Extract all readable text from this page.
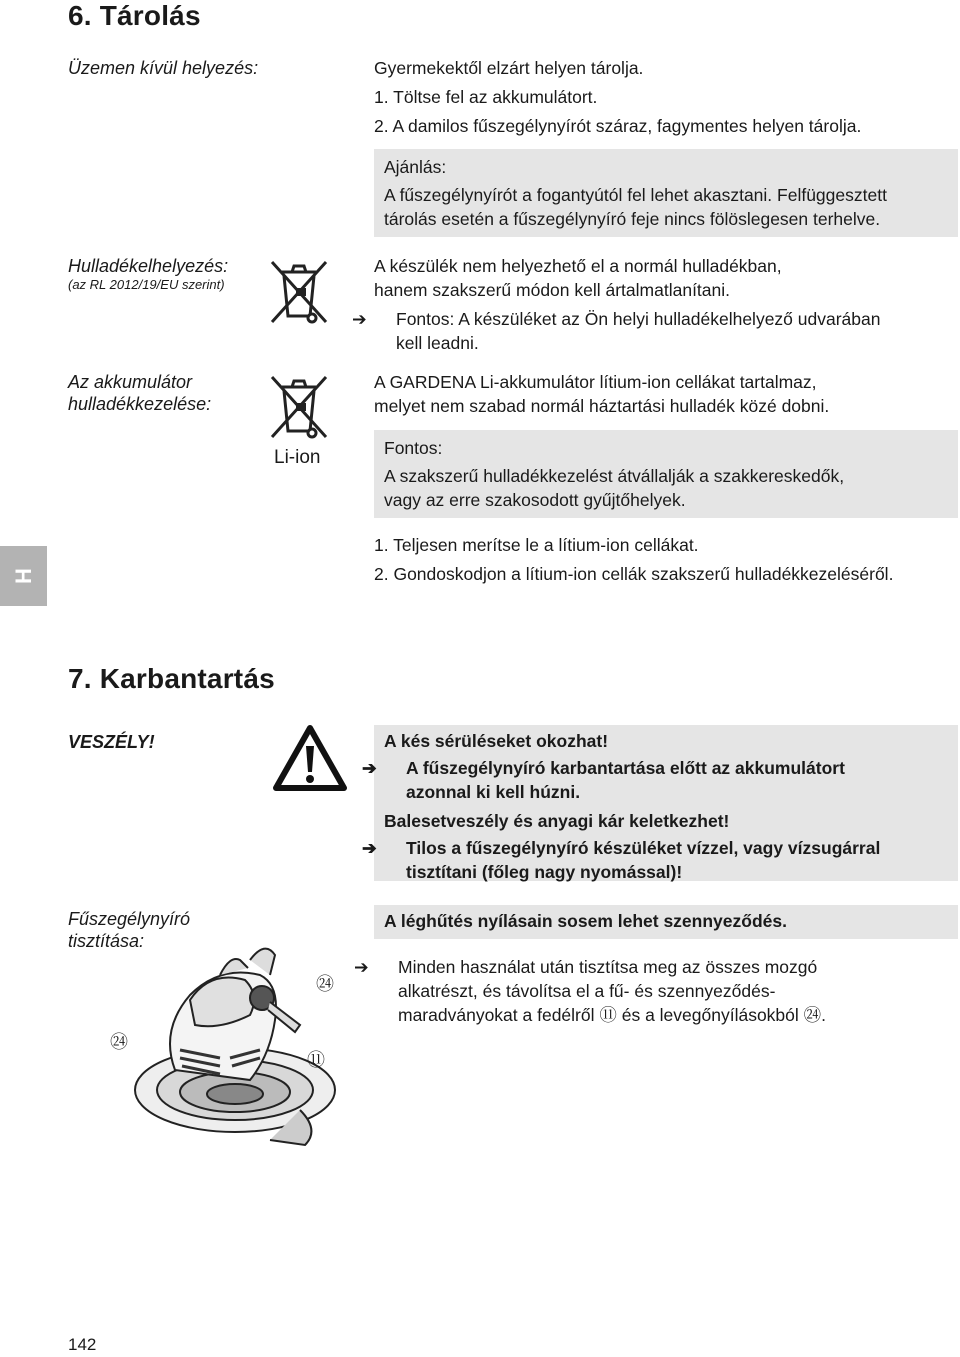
H
6. Tárolás
Üzemen kívül helyezés:	Gyermekektől elzárt helyen tárolja.
1. Töltse fel az akkumulátort.
2. A damilos fűszegélynyírót száraz, fagymentes helyen tárolja.
Ajánlás:
A fűszegélynyírót a fogantyútól fel lehet akasztani. Felfüggesztett
tárolás esetén a fűszegélynyíró feje nincs fölöslegesen terhelve.
Hulladékelhelyezés:
(az RL 2012/19/EU szerint)
A készülék nem helyezhető el a normál hulladékban,
hanem szakszerű módon kell ártalmatlanítani.
➔ Fontos: A készüléket az Ön helyi hulladékelhelyező udvarában
kell leadni.
Az akkumulátor
hulladékkezelése:
Li-ion
A GARDENA Li-akkumulátor lítium-ion cellákat tartalmaz,
melyet nem szabad normál háztartási hulladék közé dobni.
Fontos:
A szakszerű hulladékkezelést átvállalják a szakkereskedők,
vagy az erre szakosodott gyűjtőhelyek.
1. Teljesen merítse le a lítium-ion cellákat.
2. Gondoskodjon a lítium-ion cellák szakszerű hulladékkezeléséről.
7. Karbantartás
VESZÉLY!	A kés sérüléseket okozhat!
➔ A fűszegélynyíró karbantartása előtt az akkumulátort
azonnal ki kell húzni.
Balesetveszély és anyagi kár keletkezhet!
➔ Tilos a fűszegélynyíró készüléket vízzel, vagy vízsugárral
tisztítani (főleg nagy nyomással)!
Fűszegélynyíró
tisztítása:
A léghűtés nyílásain sosem lehet szennyeződés.
➔ Minden használat után tisztítsa meg az összes mozgó
alkatrészt, és távolítsa el a fű- és szennyeződés-
maradványokat a fedélről ⑪ és a levegőnyílásokból ㉔.
㉔
㉔
⑪
142
